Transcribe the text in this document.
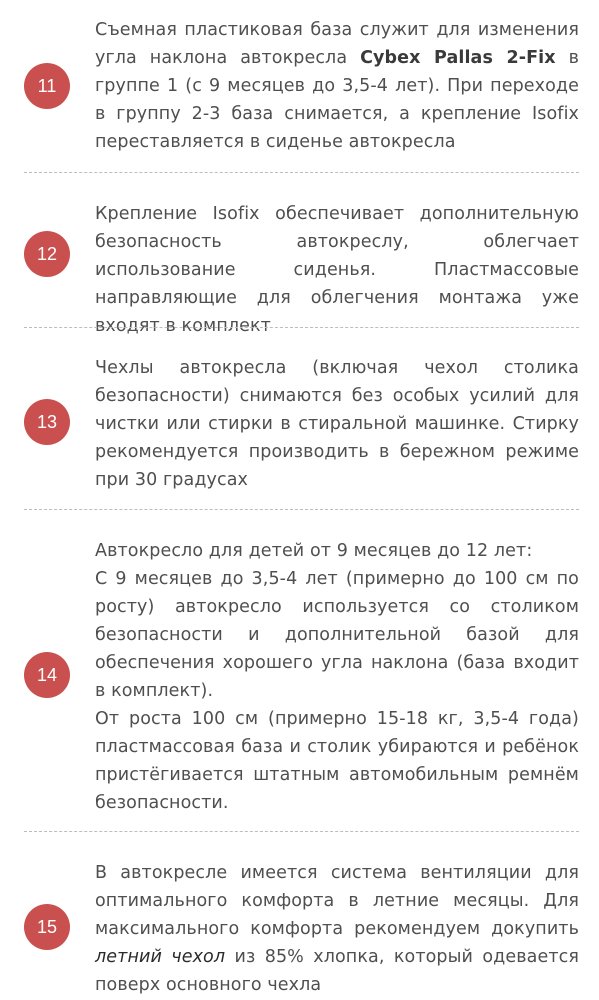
11

Съемная пластиковая база служит для изменения угла наклона автокресла Cybex Pallas 2-Fix в группе 1 (с 9 месяцев до 3,5-4 лет). При переходе в группу 2-3 база снимается, а крепление Isofix переставляется в сиденье автокресла

12

Крепление Isofix обеспечивает дополнительную безопасность автокреслу, облегчает использование сиденья. Пластмассовые направляющие для облегчения монтажа уже входят в комплект

13

Чехлы автокресла (включая чехол столика безопасности) снимаются без особых усилий для чистки или стирки в стиральной машинке. Стирку рекомендуется производить в бережном режиме при 30 градусах

14

Автокресло для детей от 9 месяцев до 12 лет:

С 9 месяцев до 3,5-4 лет (примерно до 100 см по росту) автокресло используется со столиком безопасности и дополнительной базой для обеспечения хорошего угла наклона (база входит в комплект).

От роста 100 см (примерно 15-18 кг, 3,5-4 года) пластмассовая база и столик убираются и ребёнок пристёгивается штатным автомобильным ремнём безопасности.

15

В автокресле имеется система вентиляции для оптимального комфорта в летние месяцы. Для максимального комфорта рекомендуем докупить летний чехол из 85% хлопка, который одевается поверх основного чехла
